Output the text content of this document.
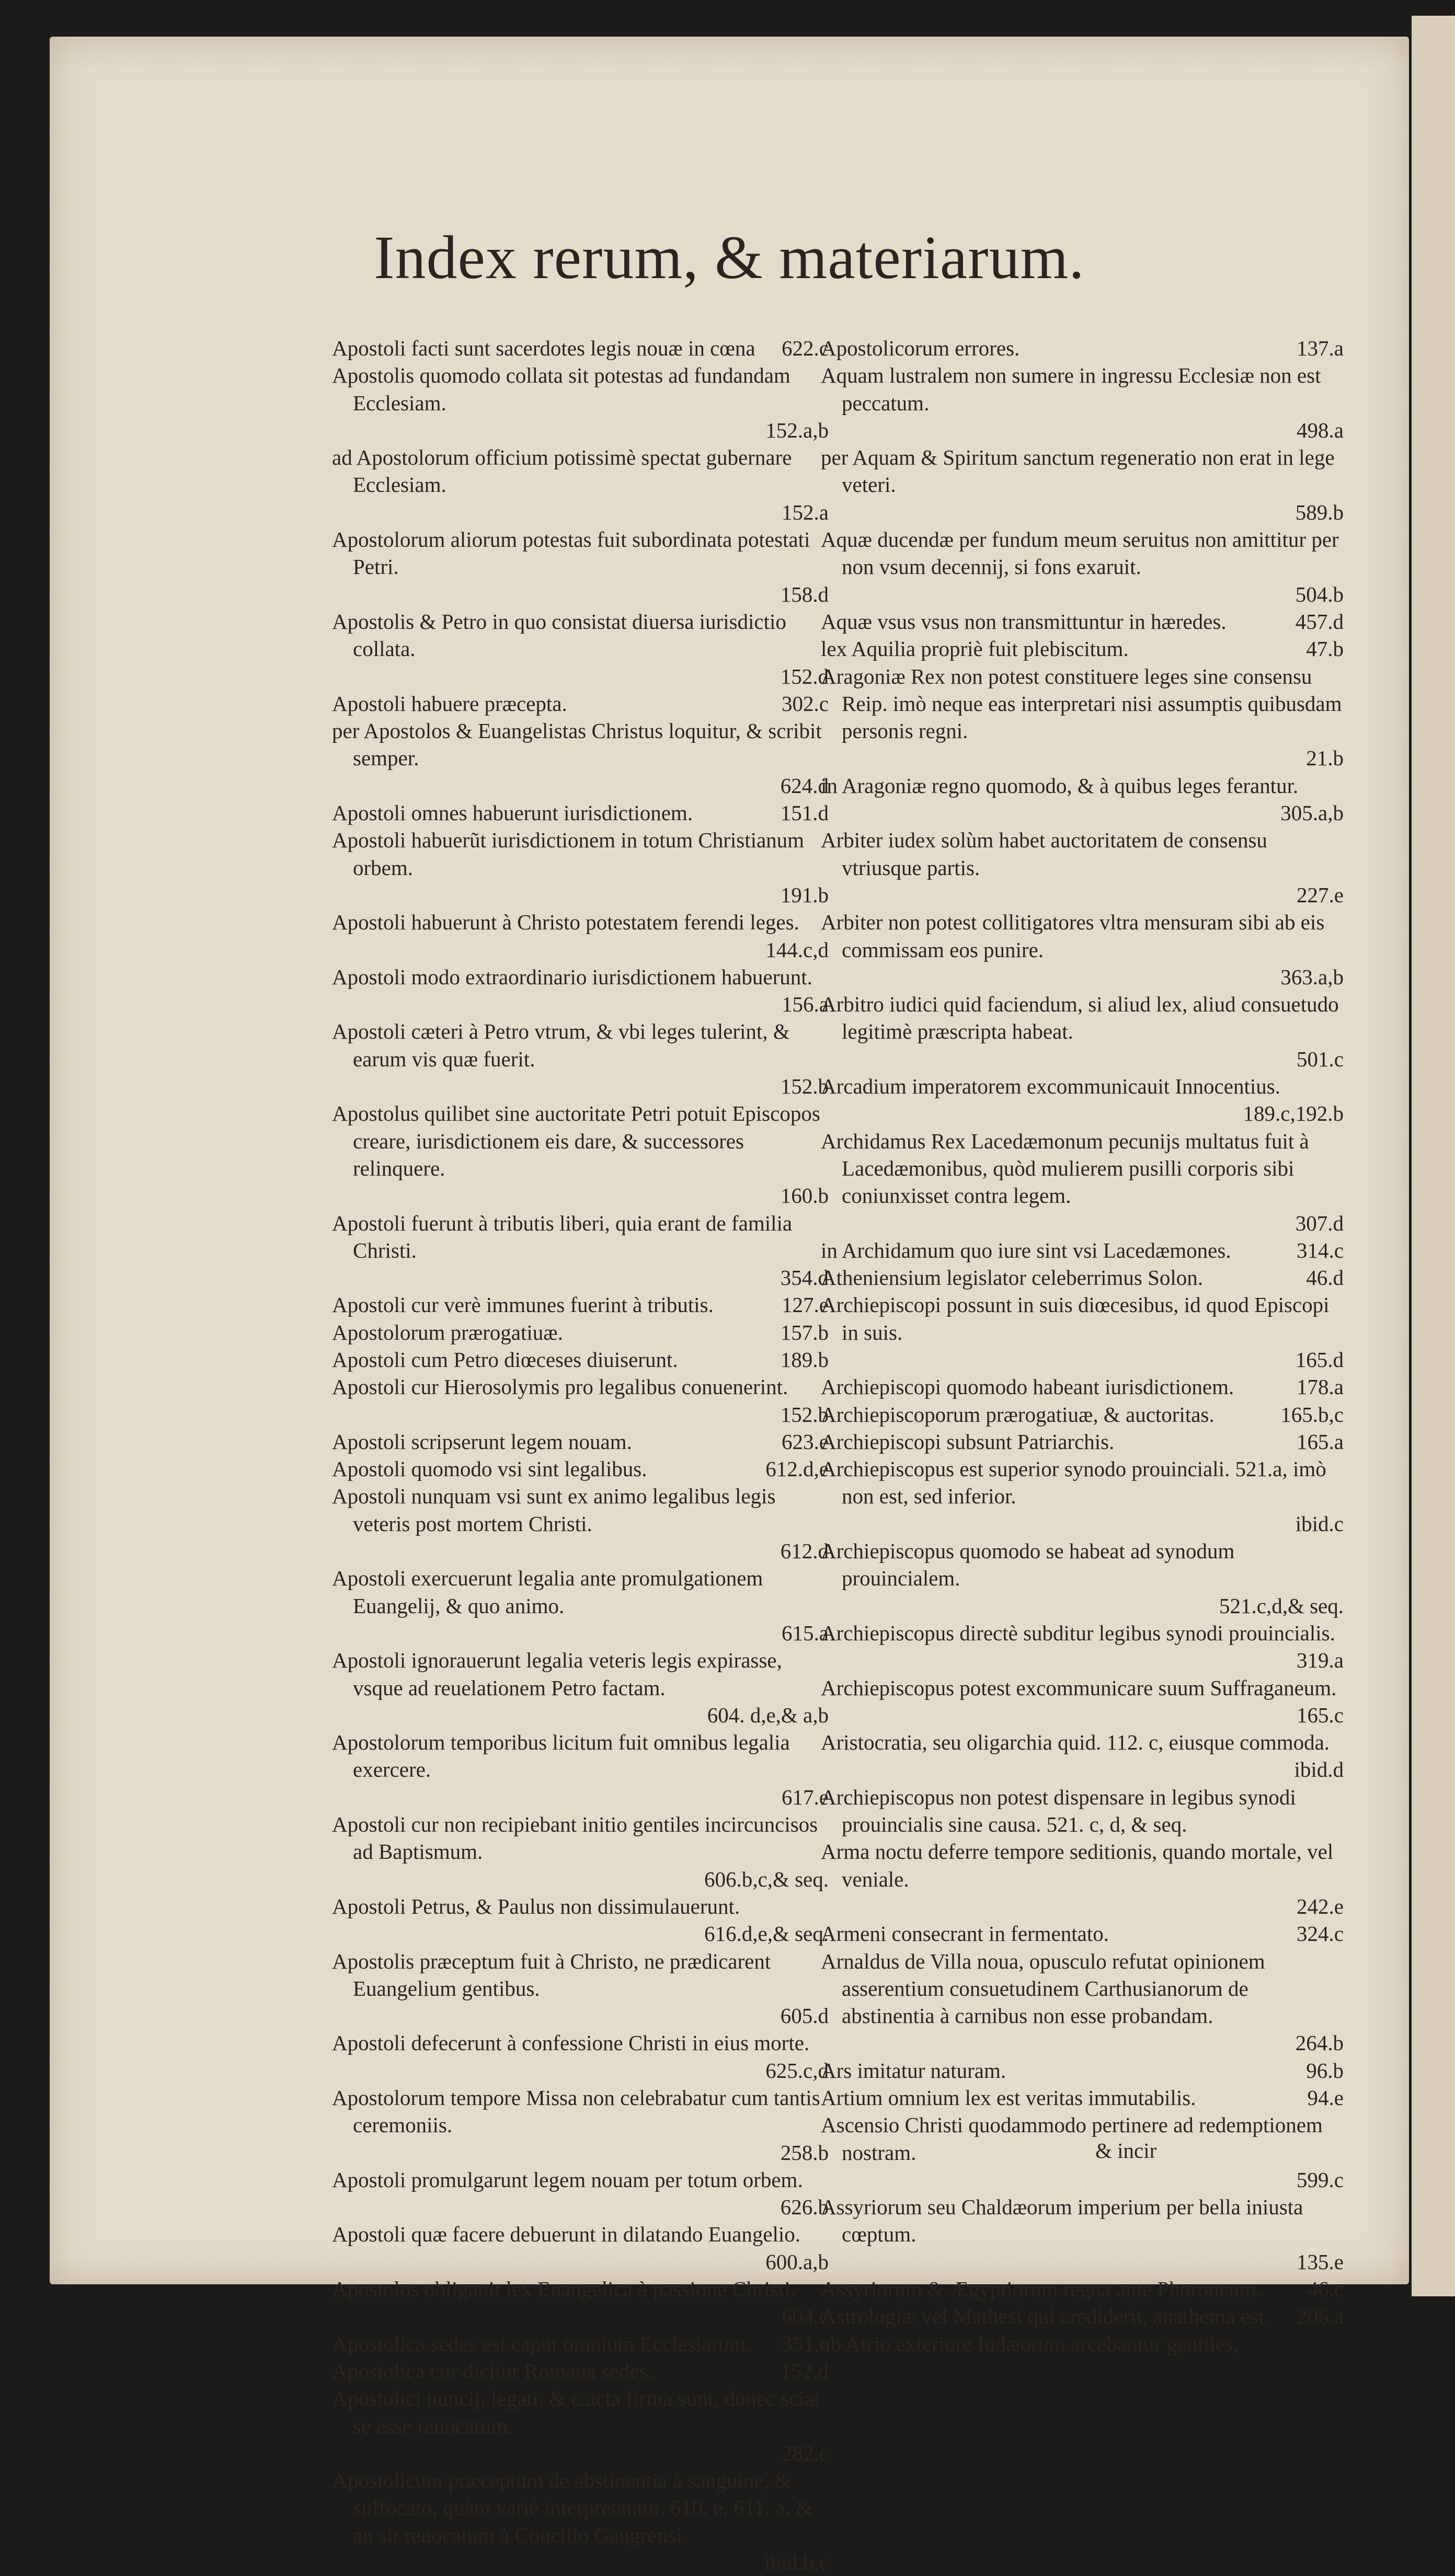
Index rerum, & materiarum.
Apostoli facti sunt sacerdotes legis nouæ in cœna	622.c
Apostolis quomodo collata sit potestas ad fundandam Ecclesiam.
152.a,b
ad Apostolorum officium potissimè spectat gubernare Ecclesiam.
152.a
Apostolorum aliorum potestas fuit subordinata potestati Petri.
158.d
Apostolis & Petro in quo consistat diuersa iurisdictio collata.
152.d
Apostoli habuere præcepta.	302.c
per Apostolos & Euangelistas Christus loquitur, & scribit semper.
624.d
Apostoli omnes habuerunt iurisdictionem.	151.d
Apostoli habuerũt iurisdictionem in totum Christianum orbem.
191.b
Apostoli habuerunt à Christo potestatem ferendi leges.
144.c,d
Apostoli modo extraordinario iurisdictionem habuerunt.
156.a
Apostoli cæteri à Petro vtrum, & vbi leges tulerint, & earum vis quæ fuerit.
152.b
Apostolus quilibet sine auctoritate Petri potuit Episcopos creare, iurisdictionem eis dare, & successores relinquere.
160.b
Apostoli fuerunt à tributis liberi, quia erant de familia Christi.
354.d
Apostoli cur verè immunes fuerint à tributis.	127.e
Apostolorum prærogatiuæ.	157.b
Apostoli cum Petro diœceses diuiserunt.	189.b
Apostoli cur Hierosolymis pro legalibus conuenerint.
152.b
Apostoli scripserunt legem nouam.	623.e
Apostoli quomodo vsi sint legalibus.	612.d,e
Apostoli nunquam vsi sunt ex animo legalibus legis veteris post mortem Christi.
612.d
Apostoli exercuerunt legalia ante promulgationem Euangelij, & quo animo.
615.a
Apostoli ignorauerunt legalia veteris legis expirasse, vsque ad reuelationem Petro factam.
604. d,e,& a,b
Apostolorum temporibus licitum fuit omnibus legalia exercere.
617.e
Apostoli cur non recipiebant initio gentiles incircuncisos ad Baptismum.
606.b,c,& seq.
Apostoli Petrus, & Paulus non dissimulauerunt.
616.d,e,& seq.
Apostolis præceptum fuit à Christo, ne prædicarent Euangelium gentibus.
605.d
Apostoli defecerunt à confessione Christi in eius morte.
625.c,d
Apostolorum tempore Missa non celebrabatur cum tantis ceremoniis.
258.b
Apostoli promulgarunt legem nouam per totum orbem.
626.b
Apostoli quæ facere debuerunt in dilatando Euangelio.
600.a,b
Apostolos obligauit lex Euangelica à passione Christi.
604.c
Apostolica sedes est caput omnium Ecclesiarum.	351.e
Apostolica cur dicitur Romana sedes.	152.d
Apostolici nuncij, legati, & c.acta firma sunt, donec sciat se esse reuocatum.
282.c
Apostolicum præceptum de abstinentia à sanguine, & suffocato, quàm variè interpretantur. 610. e, 611. a, & an sit reuocatum à Concilio Gangrensi.
ibid.b,c
Apostolicorum errores.	137.a
Aquam lustralem non sumere in ingressu Ecclesiæ non est peccatum.
498.a
per Aquam & Spiritum sanctum regeneratio non erat in lege veteri.
589.b
Aquæ ducendæ per fundum meum seruitus non amittitur per non vsum decennij, si fons exaruit.
504.b
Aquæ vsus vsus non transmittuntur in hæredes.	457.d
lex Aquilia propriè fuit plebiscitum.	47.b
Aragoniæ Rex non potest constituere leges sine consensu Reip. imò neque eas interpretari nisi assumptis quibusdam personis regni.
21.b
in Aragoniæ regno quomodo, & à quibus leges ferantur.
305.a,b
Arbiter iudex solùm habet auctoritatem de consensu vtriusque partis.
227.e
Arbiter non potest collitigatores vltra mensuram sibi ab eis commissam eos punire.
363.a,b
Arbitro iudici quid faciendum, si aliud lex, aliud consuetudo legitimè præscripta habeat.
501.c
Arcadium imperatorem excommunicauit Innocentius.
189.c,192.b
Archidamus Rex Lacedæmonum pecunijs multatus fuit à Lacedæmonibus, quòd mulierem pusilli corporis sibi coniunxisset contra legem.
307.d
in Archidamum quo iure sint vsi Lacedæmones.	314.c
Atheniensium legislator celeberrimus Solon.	46.d
Archiepiscopi possunt in suis diœcesibus, id quod Episcopi in suis.
165.d
Archiepiscopi quomodo habeant iurisdictionem.	178.a
Archiepiscoporum prærogatiuæ, & auctoritas.	165.b,c
Archiepiscopi subsunt Patriarchis.	165.a
Archiepiscopus est superior synodo prouinciali. 521.a, imò non est, sed inferior.
ibid.c
Archiepiscopus quomodo se habeat ad synodum prouincialem.
521.c,d,& seq.
Archiepiscopus directè subditur legibus synodi prouincialis.
319.a
Archiepiscopus potest excommunicare suum Suffraganeum.
165.c
Aristocratia, seu oligarchia quid. 112. c, eiusque commoda.
ibid.d
Archiepiscopus non potest dispensare in legibus synodi prouincialis sine causa. 521. c, d, & seq.
Arma noctu deferre tempore seditionis, quando mortale, vel veniale.
242.e
Armeni consecrant in fermentato.	324.c
Arnaldus de Villa noua, opusculo refutat opinionem asserentium consuetudinem Carthusianorum de abstinentia à carnibus non esse probandam.
264.b
Ars imitatur naturam.	96.b
Artium omnium lex est veritas immutabilis.	94.e
Ascensio Christi quodammodo pertinere ad redemptionem nostram.
599.c
Assyriorum seu Chaldæorum imperium per bella iniusta cœptum.
135.e
Assyriorum & Ægyptiorum regna ante Phoroneum.	46.c
Astrologiæ vel Mathesi qui crediderit, anathema est.	206.a
ab Atrio exteriore Iudæorum arcebantur gentiles,
& incir
